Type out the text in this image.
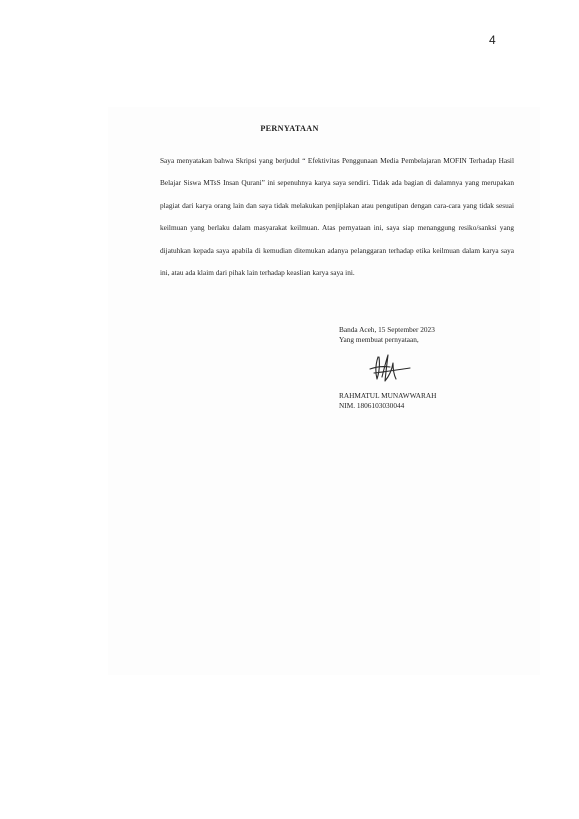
4
PERNYATAAN

Saya menyatakan bahwa Skripsi yang berjudul “ Efektivitas Penggunaan Media Pembelajaran MOFIN Terhadap Hasil Belajar Siswa MTsS Insan Qurani” ini sepenuhnya karya saya sendiri. Tidak ada bagian di dalamnya yang merupakan plagiat dari karya orang lain dan saya tidak melakukan penjiplakan atau pengutipan dengan cara-cara yang tidak sesuai keilmuan yang berlaku dalam masyarakat keilmuan. Atas pernyataan ini, saya siap menanggung resiko/sanksi yang dijatuhkan kepada saya apabila di kemudian ditemukan adanya pelanggaran terhadap etika keilmuan dalam karya saya ini, atau ada klaim dari pihak lain terhadap keaslian karya saya ini.

Banda Aceh, 15 September 2023
Yang membuat pernyataan,
RAHMATUL MUNAWWARAH
NIM. 1806103030044
